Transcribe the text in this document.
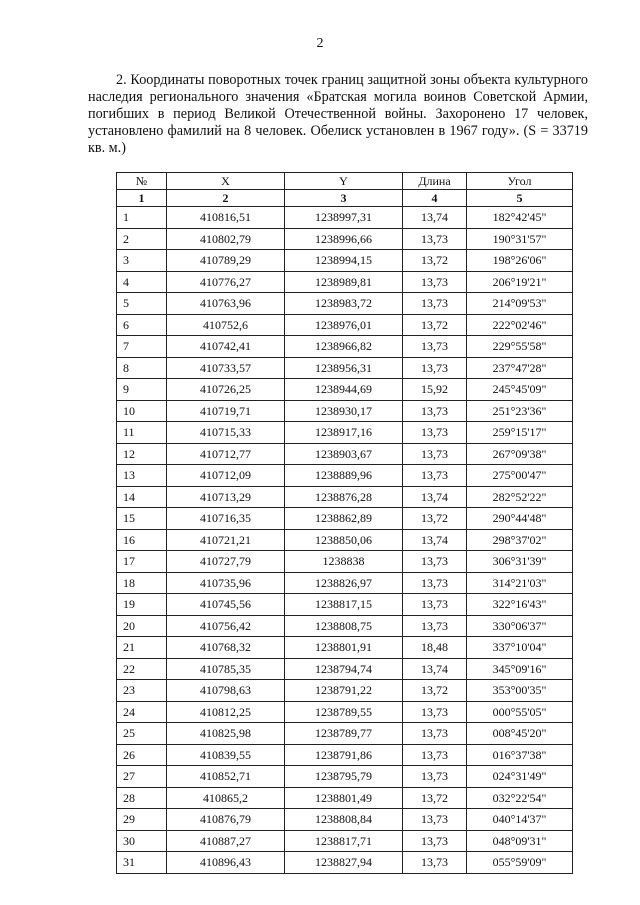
2

2. Координаты поворотных точек границ защитной зоны объекта культурного наследия регионального значения «Братская могила воинов Советской Армии, погибших в период Великой Отечественной войны. Захоронено 17 человек, установлено фамилий на 8 человек. Обелиск установлен в 1967 году». (S = 33719 кв. м.)

№	X	Y	Длина	Угол
1	2	3	4	5
1	410816,51	1238997,31	13,74	182°42'45"
2	410802,79	1238996,66	13,73	190°31'57"
3	410789,29	1238994,15	13,72	198°26'06"
4	410776,27	1238989,81	13,73	206°19'21"
5	410763,96	1238983,72	13,73	214°09'53"
6	410752,6	1238976,01	13,72	222°02'46"
7	410742,41	1238966,82	13,73	229°55'58"
8	410733,57	1238956,31	13,73	237°47'28"
9	410726,25	1238944,69	15,92	245°45'09"
10	410719,71	1238930,17	13,73	251°23'36"
11	410715,33	1238917,16	13,73	259°15'17"
12	410712,77	1238903,67	13,73	267°09'38"
13	410712,09	1238889,96	13,73	275°00'47"
14	410713,29	1238876,28	13,74	282°52'22"
15	410716,35	1238862,89	13,72	290°44'48"
16	410721,21	1238850,06	13,74	298°37'02"
17	410727,79	1238838	13,73	306°31'39"
18	410735,96	1238826,97	13,73	314°21'03"
19	410745,56	1238817,15	13,73	322°16'43"
20	410756,42	1238808,75	13,73	330°06'37"
21	410768,32	1238801,91	18,48	337°10'04"
22	410785,35	1238794,74	13,74	345°09'16"
23	410798,63	1238791,22	13,72	353°00'35"
24	410812,25	1238789,55	13,73	000°55'05"
25	410825,98	1238789,77	13,73	008°45'20"
26	410839,55	1238791,86	13,73	016°37'38"
27	410852,71	1238795,79	13,73	024°31'49"
28	410865,2	1238801,49	13,72	032°22'54"
29	410876,79	1238808,84	13,73	040°14'37"
30	410887,27	1238817,71	13,73	048°09'31"
31	410896,43	1238827,94	13,73	055°59'09"
